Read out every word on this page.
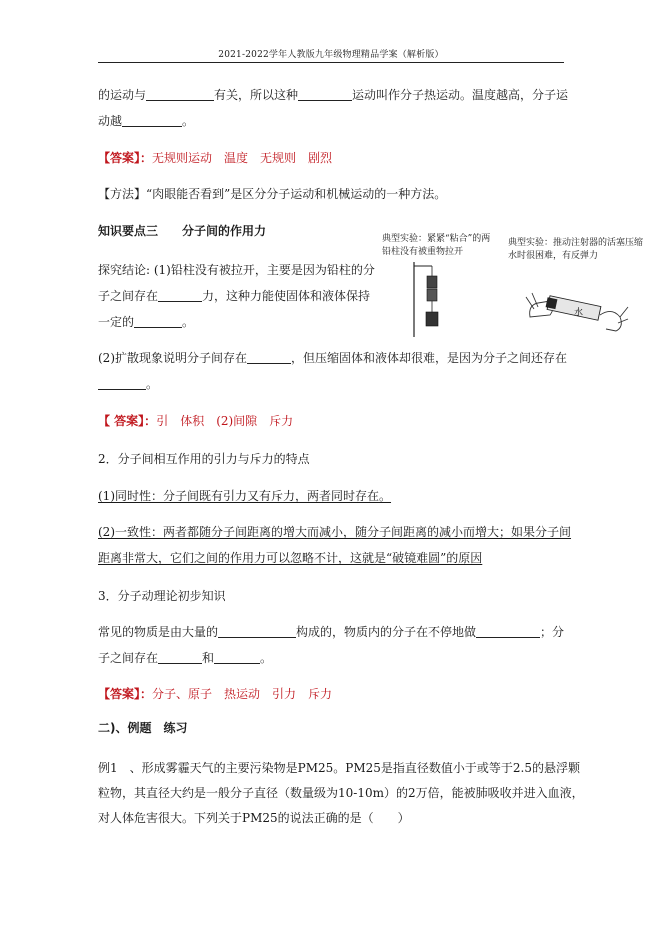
2021-2022学年人教版九年级物理精品学案（解析版）
的运动与	有关，所以这种	运动叫作分子热运动。温度越高，分子运
动越	。
【答案】：无规则运动　温度　无规则　剧烈
【方法】“肉眼能否看到”是区分分子运动和机械运动的一种方法。
知识要点三　　分子间的作用力
典型实验：紧紧“粘合”的两铅柱没有被重物拉开
典型实验：推动注射器的活塞压缩水时很困难，有反弹力
水
探究结论: (1)铅柱没有被拉开，主要是因为铅柱的分
子之间存在	力，这种力能使固体和液体保持
一定的	。
(2)扩散现象说明分子间存在	，但压缩固体和液体却很难，是因为分子之间还存在
。
【 答案】：引　体积　(2)间隙　斥力
2．分子间相互作用的引力与斥力的特点
(1)同时性：分子间既有引力又有斥力，两者同时存在。
(2)一致性：两者都随分子间距离的增大而减小，随分子间距离的减小而增大；如果分子间
距离非常大，它们之间的作用力可以忽略不计，这就是“破镜难圆”的原因
3．分子动理论初步知识
常见的物质是由大量的	构成的，物质内的分子在不停地做	；分
子之间存在	和	。
【答案】：分子、原子　热运动　引力　斥力
二)、例题　练习
例1　、形成雾霾天气的主要污染物是PM25。PM25是指直径数值小于或等于2.5的悬浮颗
粒物，其直径大约是一般分子直径（数量级为10-10m）的2万倍，能被肺吸收并进入血液，
对人体危害很大。下列关于PM25的说法正确的是（　　）
